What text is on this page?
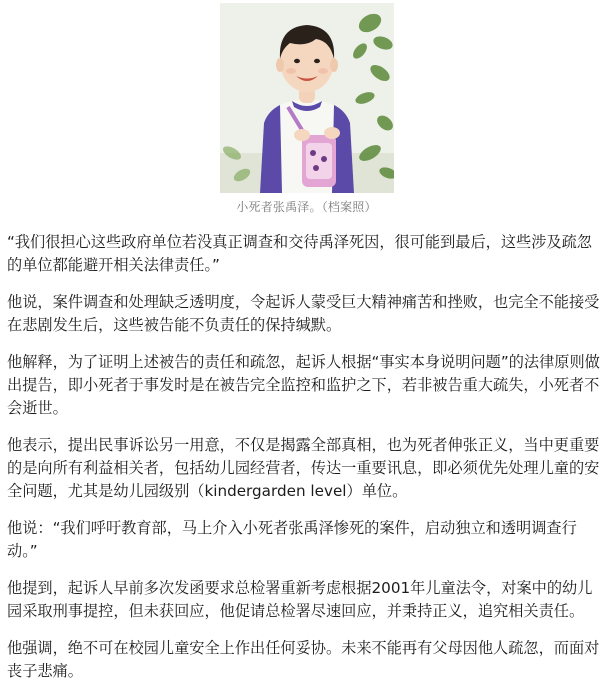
小死者张禹泽。（档案照）

“我们很担心这些政府单位若没真正调查和交待禹泽死因，很可能到最后，这些涉及疏忽的单位都能避开相关法律责任。”

他说，案件调查和处理缺乏透明度，令起诉人蒙受巨大精神痛苦和挫败，也完全不能接受在悲剧发生后，这些被告能不负责任的保持缄默。

他解释，为了证明上述被告的责任和疏忽，起诉人根据“事实本身说明问题”的法律原则做出提告，即小死者于事发时是在被告完全监控和监护之下，若非被告重大疏失，小死者不会逝世。

他表示，提出民事诉讼另一用意，不仅是揭露全部真相，也为死者伸张正义，当中更重要的是向所有利益相关者，包括幼儿园经营者，传达一重要讯息，即必须优先处理儿童的安全问题，尤其是幼儿园级别（kindergarden level）单位。

他说：“我们呼吁教育部，马上介入小死者张禹泽惨死的案件，启动独立和透明调查行动。”

他提到，起诉人早前多次发函要求总检署重新考虑根据2001年儿童法令，对案中的幼儿园采取刑事提控，但未获回应，他促请总检署尽速回应，并秉持正义，追究相关责任。

他强调，绝不可在校园儿童安全上作出任何妥协。未来不能再有父母因他人疏忽，而面对丧子悲痛。
